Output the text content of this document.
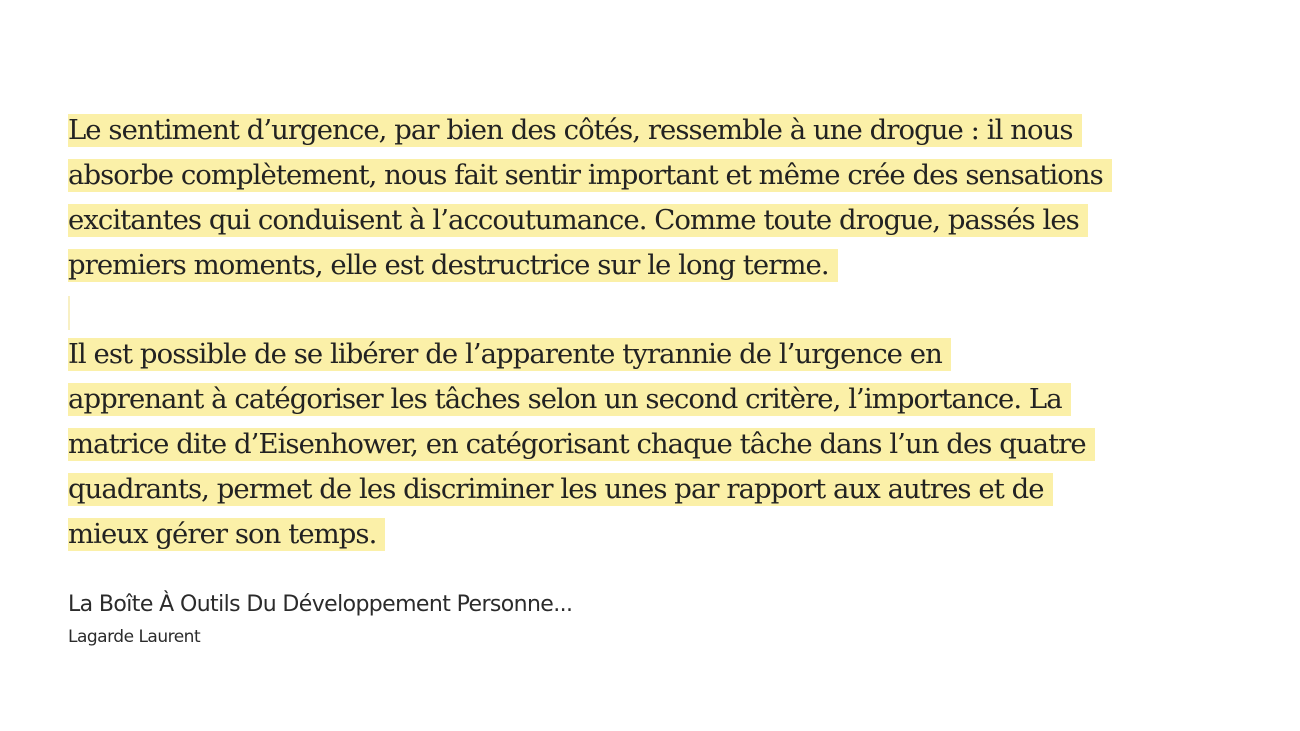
Le sentiment d’urgence, par bien des côtés, ressemble à une drogue : il nous
absorbe complètement, nous fait sentir important et même crée des sensations
excitantes qui conduisent à l’accoutumance. Comme toute drogue, passés les
premiers moments, elle est destructrice sur le long terme.
Il est possible de se libérer de l’apparente tyrannie de l’urgence en
apprenant à catégoriser les tâches selon un second critère, l’importance. La
matrice dite d’Eisenhower, en catégorisant chaque tâche dans l’un des quatre
quadrants, permet de les discriminer les unes par rapport aux autres et de
mieux gérer son temps.
La Boîte À Outils Du Développement Personne...
Lagarde Laurent
